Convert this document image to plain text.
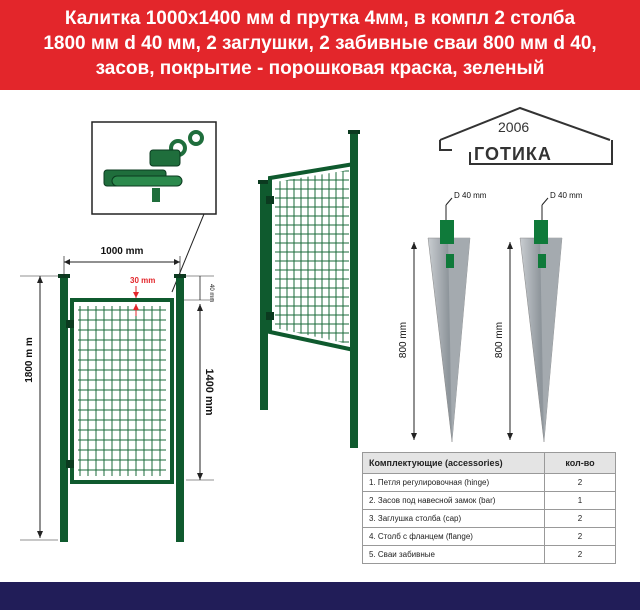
Калитка 1000х1400 мм d прутка 4мм, в компл 2 столба
1800 мм d 40 мм, 2 заглушки, 2 забивные сваи 800 мм d 40,
засов, покрытие - порошковая краска, зеленый
1000 mm
30 mm
40 mm
1400 mm
1800 m m
2006
ГОТИКА
D 40 mm
800 mm
D 40 mm
800 mm
Комплектующие (accessories)	кол-во
1. Петля регулировочная (hinge)	2
2. Засов под навесной замок (bar)	1
3. Заглушка столба (cap)	2
4. Столб с фланцем (flange)	2
5. Сваи забивные	2
